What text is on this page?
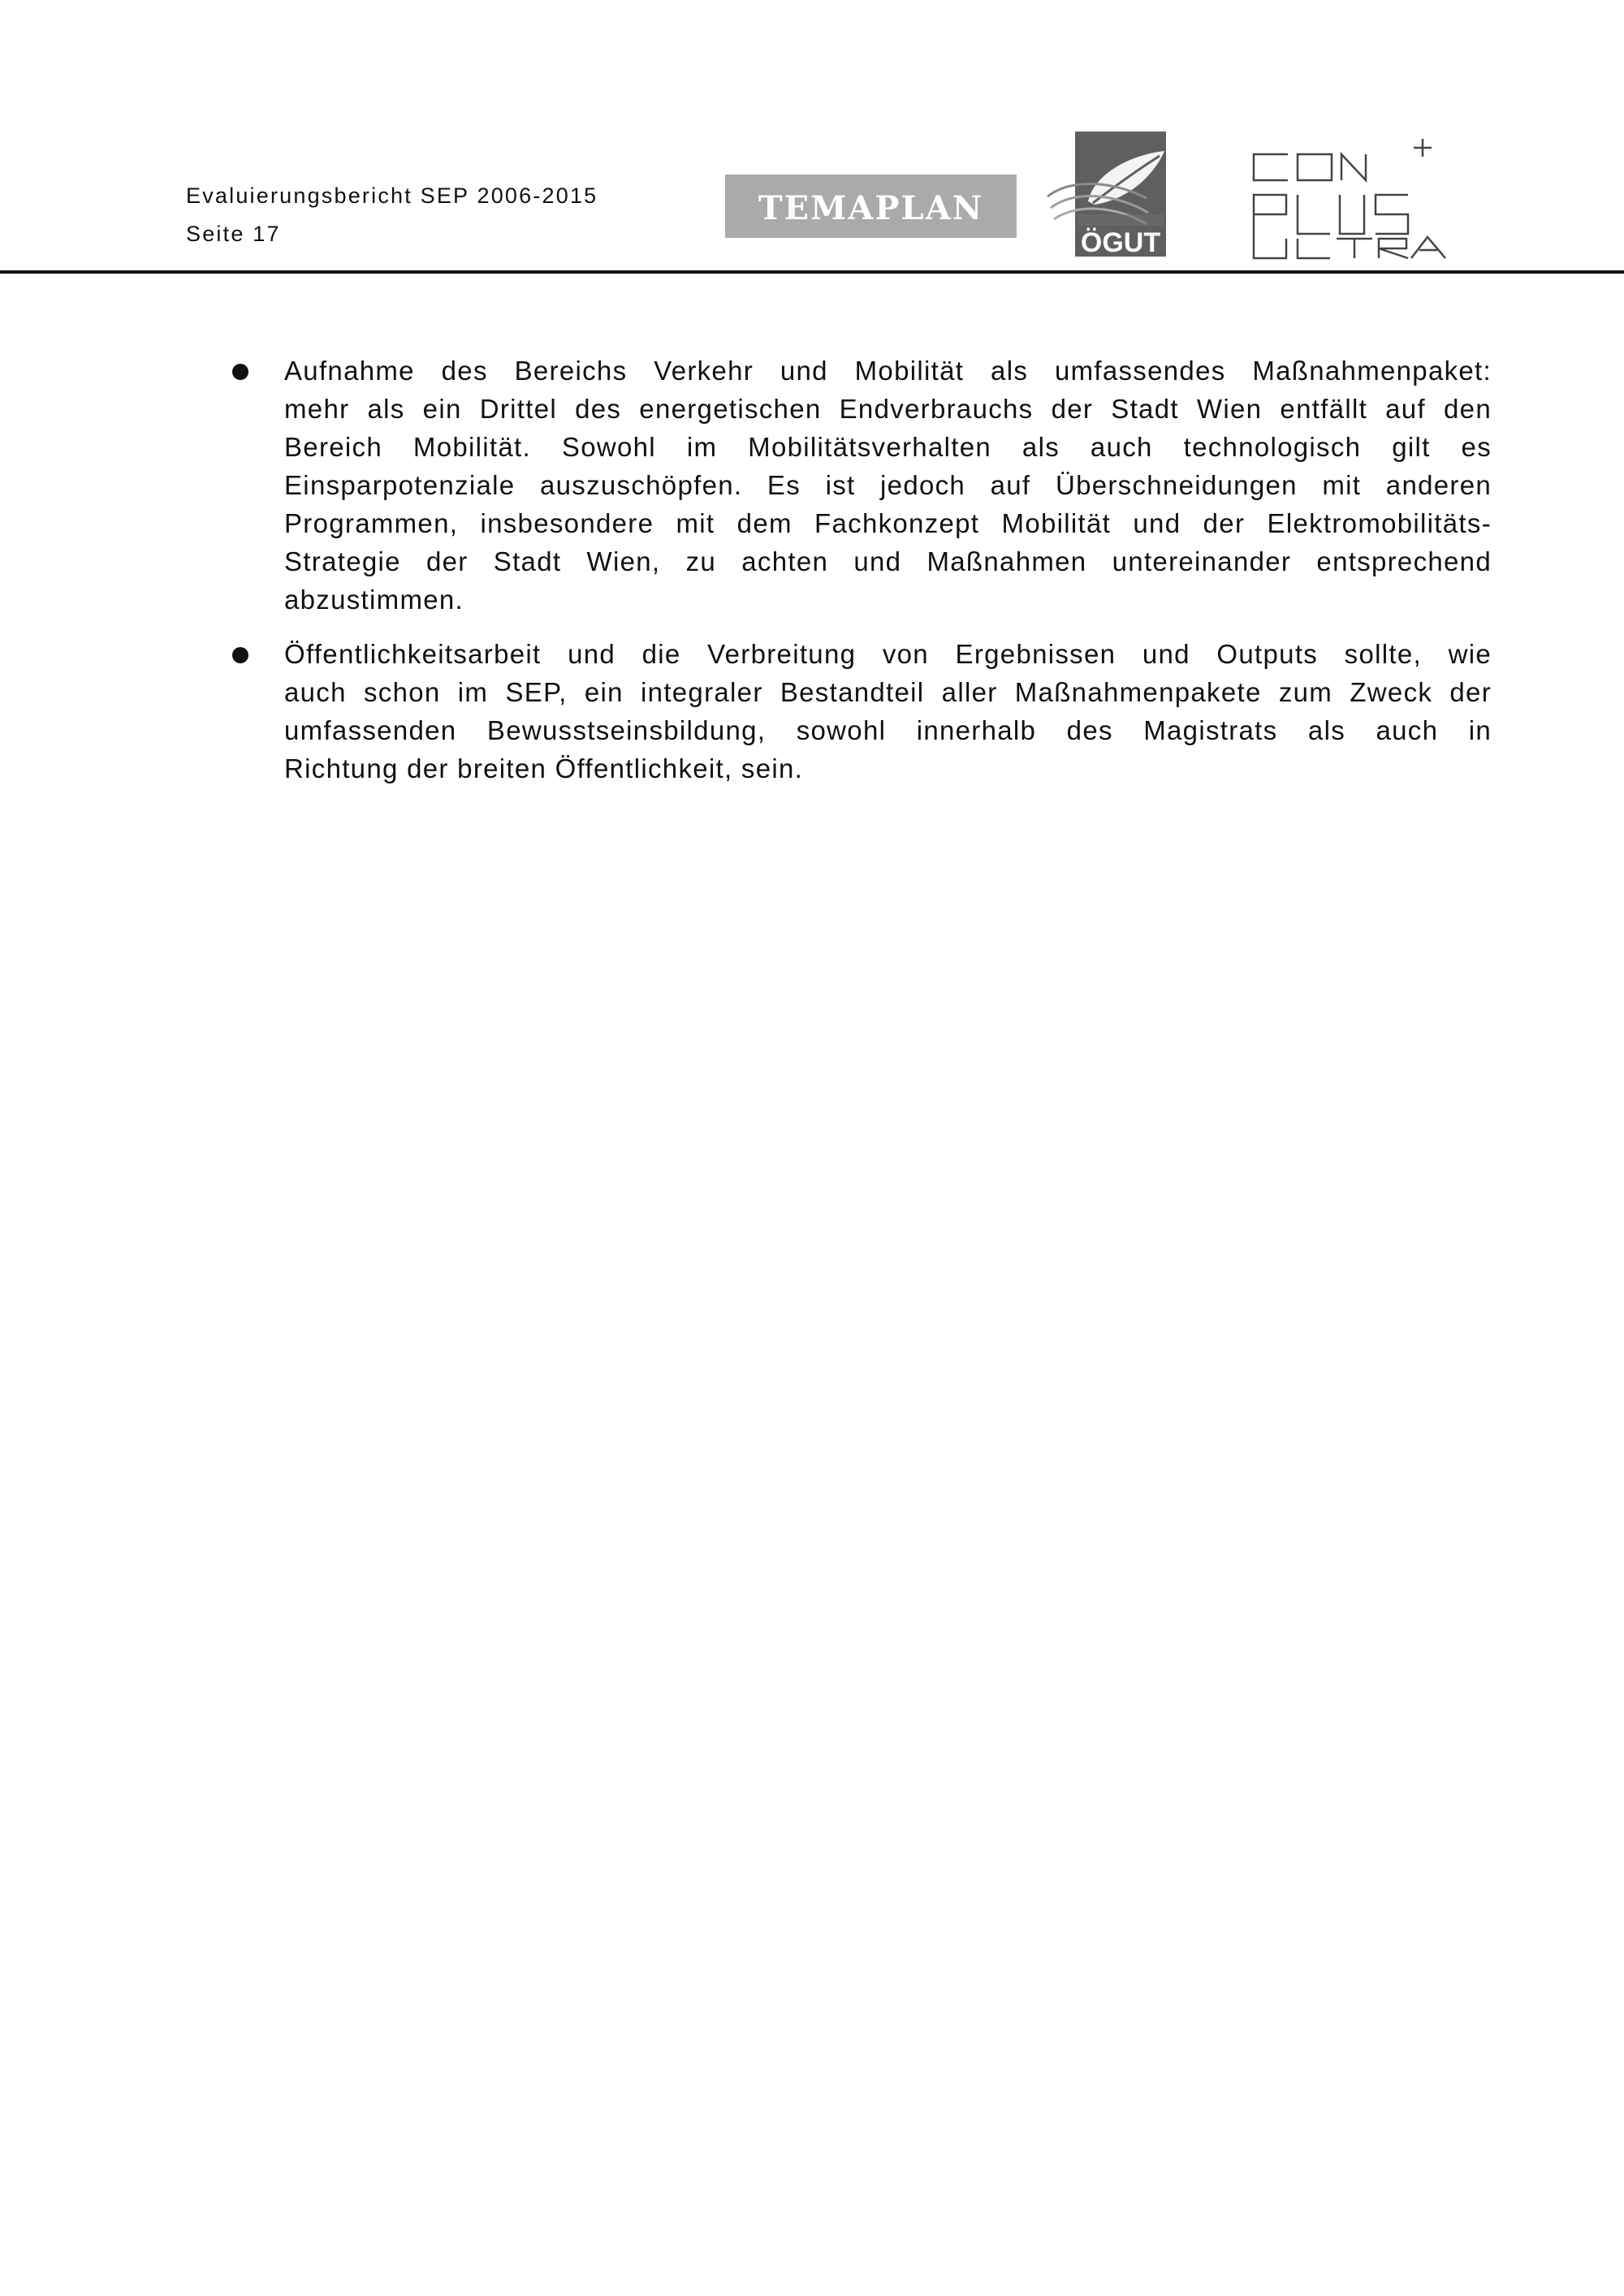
Evaluierungsbericht SEP 2006-2015
Seite 17
TEMAPLAN
ÖGUT
CON PLUS ULTRA
Aufnahme des Bereichs Verkehr und Mobilität als umfassendes Maßnahmenpaket:
mehr als ein Drittel des energetischen Endverbrauchs der Stadt Wien entfällt auf den
Bereich Mobilität. Sowohl im Mobilitätsverhalten als auch technologisch gilt es
Einsparpotenziale auszuschöpfen. Es ist jedoch auf Überschneidungen mit anderen
Programmen, insbesondere mit dem Fachkonzept Mobilität und der Elektromobilitäts-
Strategie der Stadt Wien, zu achten und Maßnahmen untereinander entsprechend
abzustimmen.
Öffentlichkeitsarbeit und die Verbreitung von Ergebnissen und Outputs sollte, wie
auch schon im SEP, ein integraler Bestandteil aller Maßnahmenpakete zum Zweck der
umfassenden Bewusstseinsbildung, sowohl innerhalb des Magistrats als auch in
Richtung der breiten Öffentlichkeit, sein.
